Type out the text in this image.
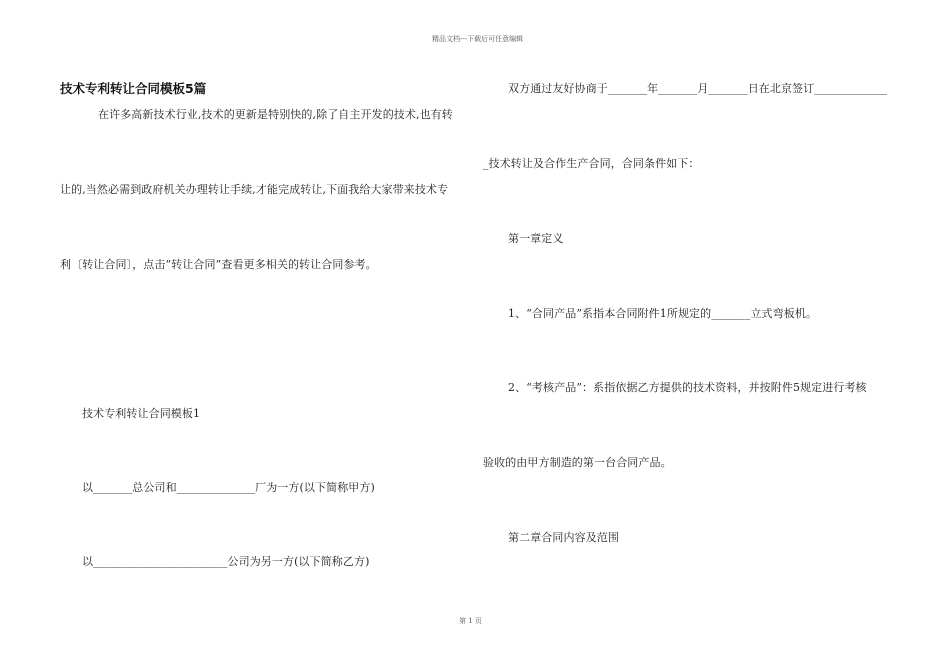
精品文档---下载后可任意编辑
技术专利转让合同模板5篇
在许多高新技术行业,技术的更新是特别快的,除了自主开发的技术,也有转
让的,当然必需到政府机关办理转让手续,才能完成转让,下面我给大家带来技术专
利〔转让合同〕，点击“转让合同”查看更多相关的转让合同参考。
技术专利转让合同模板1
以_______总公司和______________厂为一方(以下简称甲方)
以________________________公司为另一方(以下简称乙方)
双方通过友好协商于_______年_______月_______日在北京签订_____________
_技术转让及合作生产合同，合同条件如下：
第一章定义
1、“合同产品”系指本合同附件1所规定的_______立式弯板机。
2、“考核产品”：系指依据乙方提供的技术资料，并按附件5规定进行考核
验收的由甲方制造的第一台合同产品。
第二章合同内容及范围
第 1 页
